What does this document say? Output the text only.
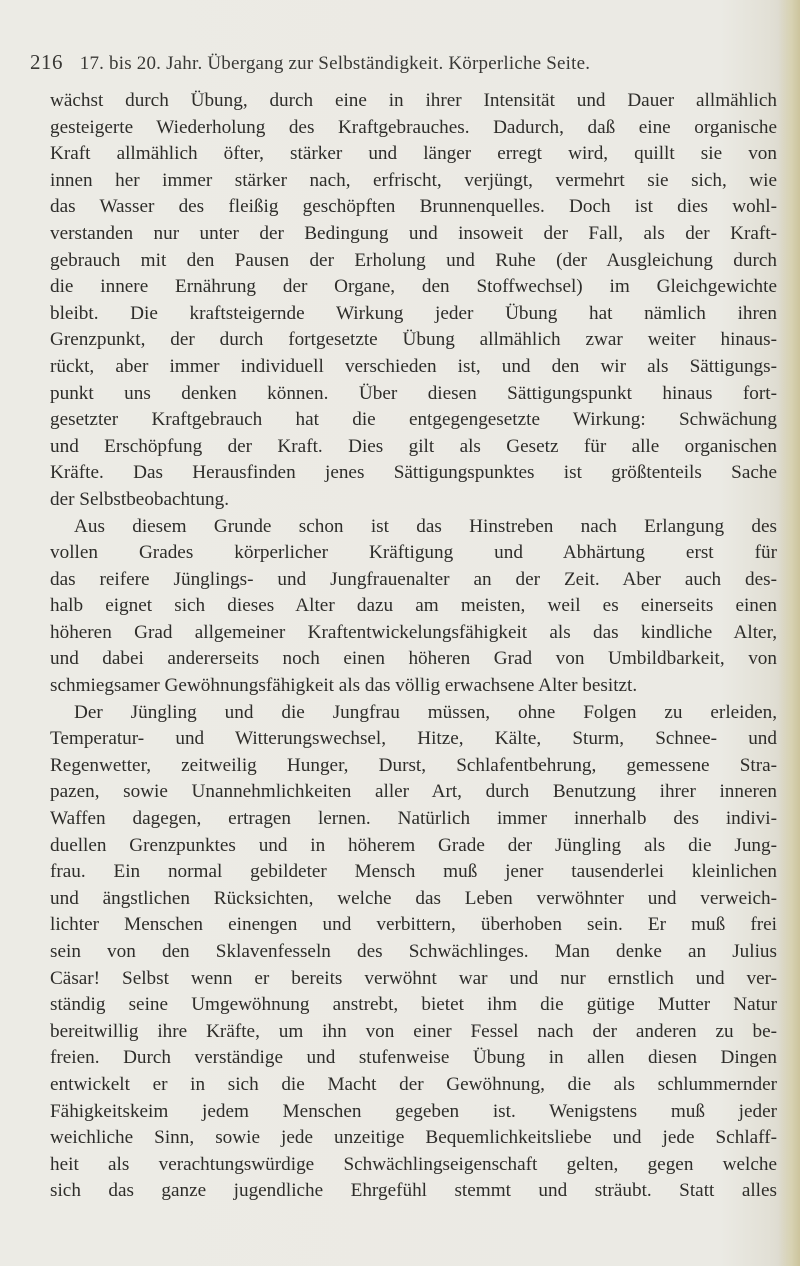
216 17. bis 20. Jahr. Übergang zur Selbständigkeit. Körperliche Seite.
wächst durch Übung, durch eine in ihrer Intensität und Dauer allmählich
gesteigerte Wiederholung des Kraftgebrauches. Dadurch, daß eine organische
Kraft allmählich öfter, stärker und länger erregt wird, quillt sie von
innen her immer stärker nach, erfrischt, verjüngt, vermehrt sie sich, wie
das Wasser des fleißig geschöpften Brunnenquelles. Doch ist dies wohl-
verstanden nur unter der Bedingung und insoweit der Fall, als der Kraft-
gebrauch mit den Pausen der Erholung und Ruhe (der Ausgleichung durch
die innere Ernährung der Organe, den Stoffwechsel) im Gleichgewichte
bleibt. Die kraftsteigernde Wirkung jeder Übung hat nämlich ihren
Grenzpunkt, der durch fortgesetzte Übung allmählich zwar weiter hinaus-
rückt, aber immer individuell verschieden ist, und den wir als Sättigungs-
punkt uns denken können. Über diesen Sättigungspunkt hinaus fort-
gesetzter Kraftgebrauch hat die entgegengesetzte Wirkung: Schwächung
und Erschöpfung der Kraft. Dies gilt als Gesetz für alle organischen
Kräfte. Das Herausfinden jenes Sättigungspunktes ist größtenteils Sache
der Selbstbeobachtung.
Aus diesem Grunde schon ist das Hinstreben nach Erlangung des
vollen Grades körperlicher Kräftigung und Abhärtung erst für
das reifere Jünglings- und Jungfrauenalter an der Zeit. Aber auch des-
halb eignet sich dieses Alter dazu am meisten, weil es einerseits einen
höheren Grad allgemeiner Kraftentwickelungsfähigkeit als das kindliche Alter,
und dabei andererseits noch einen höheren Grad von Umbildbarkeit, von
schmiegsamer Gewöhnungsfähigkeit als das völlig erwachsene Alter besitzt.
Der Jüngling und die Jungfrau müssen, ohne Folgen zu erleiden,
Temperatur- und Witterungswechsel, Hitze, Kälte, Sturm, Schnee- und
Regenwetter, zeitweilig Hunger, Durst, Schlafentbehrung, gemessene Stra-
pazen, sowie Unannehmlichkeiten aller Art, durch Benutzung ihrer inneren
Waffen dagegen, ertragen lernen. Natürlich immer innerhalb des indivi-
duellen Grenzpunktes und in höherem Grade der Jüngling als die Jung-
frau. Ein normal gebildeter Mensch muß jener tausenderlei kleinlichen
und ängstlichen Rücksichten, welche das Leben verwöhnter und verweich-
lichter Menschen einengen und verbittern, überhoben sein. Er muß frei
sein von den Sklavenfesseln des Schwächlinges. Man denke an Julius
Cäsar! Selbst wenn er bereits verwöhnt war und nur ernstlich und ver-
ständig seine Umgewöhnung anstrebt, bietet ihm die gütige Mutter Natur
bereitwillig ihre Kräfte, um ihn von einer Fessel nach der anderen zu be-
freien. Durch verständige und stufenweise Übung in allen diesen Dingen
entwickelt er in sich die Macht der Gewöhnung, die als schlummernder
Fähigkeitskeim jedem Menschen gegeben ist. Wenigstens muß jeder
weichliche Sinn, sowie jede unzeitige Bequemlichkeitsliebe und jede Schlaff-
heit als verachtungswürdige Schwächlingseigenschaft gelten, gegen welche
sich das ganze jugendliche Ehrgefühl stemmt und sträubt. Statt alles
